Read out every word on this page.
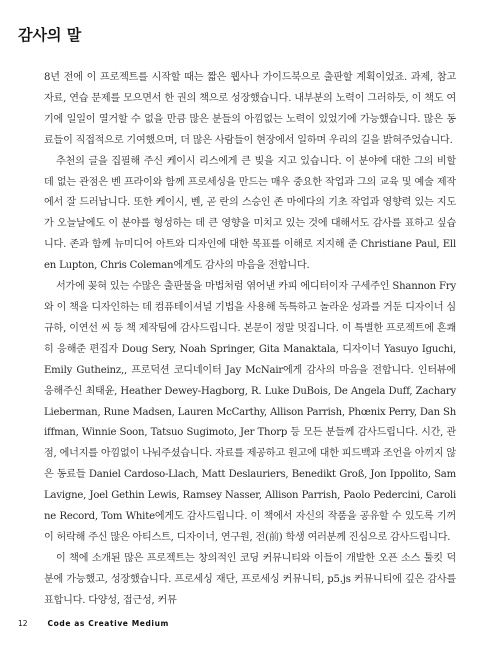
감사의 말

8년 전에 이 프로젝트를 시작할 때는 짧은 웹사나 가이드북으로 출판할 계획이었죠. 과제, 참고 자료, 연습 문제를 모으면서 한 권의 책으로 성장했습니다. 내부분의 노력이 그러하듯, 이 책도 여기에 일일이 열거할 수 없을 만큼 많은 분들의 아낌없는 노력이 있었기에 가능했습니다. 많은 동료들이 직접적으로 기여했으며, 더 많은 사람들이 현장에서 일하며 우리의 길을 밝혀주었습니다.

추천의 글을 집필해 주신 케이시 리스에게 큰 빚을 지고 있습니다. 이 분야에 대한 그의 비할 데 없는 관점은 벤 프라이와 함께 프로세싱을 만드는 매우 중요한 작업과 그의 교육 및 예술 제작에서 잘 드러납니다. 또한 케이시, 벤, 곧 란의 스승인 존 마에다의 기초 작업과 영향력 있는 지도가 오늘날에도 이 분야를 형성하는 데 큰 영향을 미치고 있는 것에 대해서도 감사를 표하고 싶습니다. 존과 함께 뉴미디어 아트와 디자인에 대한 목표를 이해로 지지해 준 Christiane Paul, Ellen Lupton, Chris Coleman에게도 감사의 마음을 전합니다.

서가에 꽂혀 있는 수많은 출판물을 마법처럼 엮어낸 카피 에디터이자 구세주인 Shannon Fry와 이 책을 디자인하는 데 컴퓨테이셔널 기법을 사용해 독특하고 놀라운 성과를 거둔 디자이너 심규하, 이연선 씨 등 책 제작팀에 감사드립니다. 본문이 정말 멋집니다. 이 특별한 프로젝트에 흔쾌히 응해준 편집자 Doug Sery, Noah Springer, Gita Manaktala, 디자이너 Yasuyo Iguchi, Emily Gutheinz,, 프로덕션 코디네이터 Jay McNair에게 감사의 마음을 전합니다. 인터뷰에 응해주신 최태윤, Heather Dewey-Hagborg, R. Luke DuBois, De Angela Duff, Zachary Lieberman, Rune Madsen, Lauren McCarthy, Allison Parrish, Phœnix Perry, Dan Shiffman, Winnie Soon, Tatsuo Sugimoto, Jer Thorp 등 모든 분들께 감사드립니다. 시간, 관점, 에너지를 아낌없이 나눠주셨습니다. 자료를 제공하고 원고에 대한 피드백과 조언을 아끼지 않은 동료들 Daniel Cardoso-Llach, Matt Deslauriers, Benedikt Groß, Jon Ippolito, Sam Lavigne, Joel Gethin Lewis, Ramsey Nasser, Allison Parrish, Paolo Pedercini, Caroline Record, Tom White에게도 감사드립니다. 이 책에서 자신의 작품을 공유할 수 있도록 기꺼이 허락해 주신 많은 아티스트, 디자이너, 연구원, 전(前) 학생 여러분께 진심으로 감사드립니다.

이 책에 소개된 많은 프로젝트는 창의적인 코딩 커뮤니티와 이들이 개발한 오픈 소스 툴킷 덕분에 가능했고, 성장했습니다. 프로세싱 재단, 프로세싱 커뮤니티, p5.js 커뮤니티에 깊은 감사를 표합니다. 다양성, 접근성, 커뮤

12	Code as Creative Medium
